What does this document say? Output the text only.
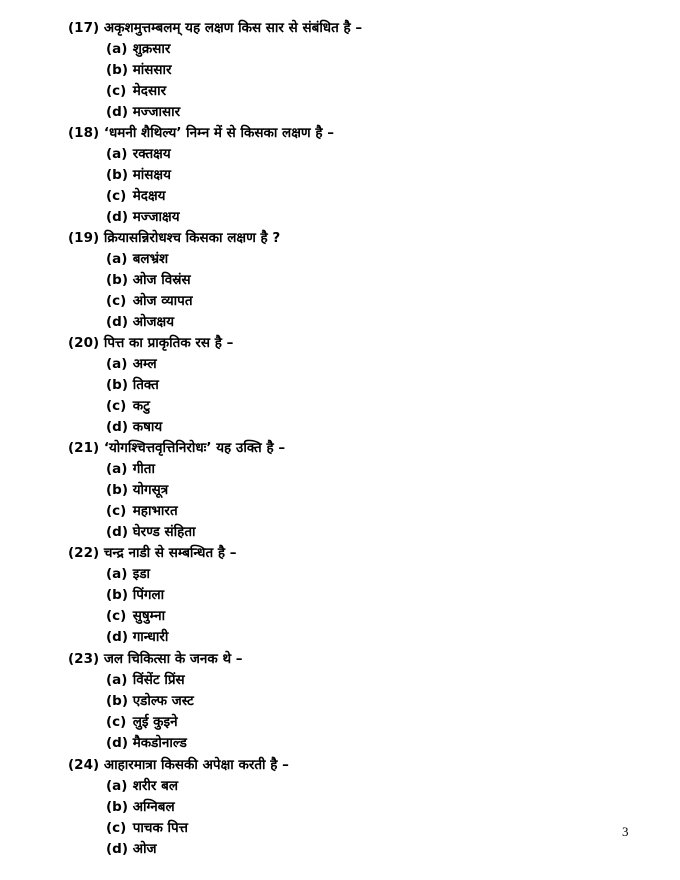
(17) अकृशमुत्तम्बलम् यह लक्षण किस सार से संबंधित है –
(a) शुक्रसार
(b) मांससार
(c) मेदसार
(d) मज्जासार
(18) ‘धमनी शैथिल्य’ निम्न में से किसका लक्षण है –
(a) रक्तक्षय
(b) मांसक्षय
(c) मेदक्षय
(d) मज्जाक्षय
(19) क्रियासन्निरोधश्च किसका लक्षण है ?
(a) बलभ्रंश
(b) ओज विस्रंस
(c) ओज व्यापत
(d) ओजक्षय
(20) पित्त का प्राकृतिक रस है –
(a) अम्ल
(b) तिक्त
(c) कटु
(d) कषाय
(21) ‘योगश्चित्तवृत्तिनिरोधः’ यह उक्ति है –
(a) गीता
(b) योगसूत्र
(c) महाभारत
(d) घेरण्ड संहिता
(22) चन्द्र नाडी से सम्बन्धित है –
(a) इडा
(b) पिंगला
(c) सुषुम्ना
(d) गान्धारी
(23) जल चिकित्सा के जनक थे –
(a) विंसेंट प्रिंस
(b) एडोल्फ जस्ट
(c) लुई कुइने
(d) मैकडोनाल्ड
(24) आहारमात्रा किसकी अपेक्षा करती है –
(a) शरीर बल
(b) अग्निबल
(c) पाचक पित्त
(d) ओज
3
